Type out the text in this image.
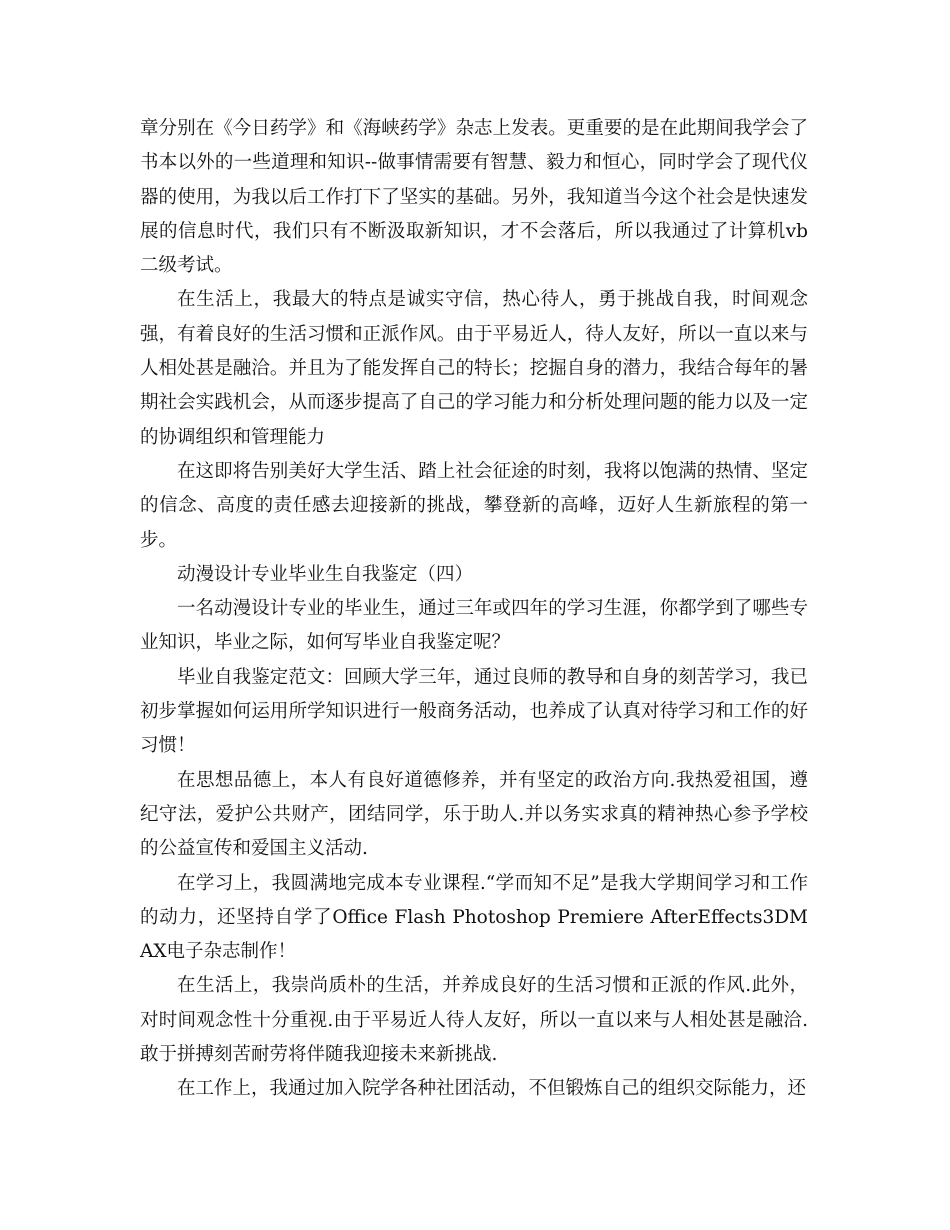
章分别在《今日药学》和《海峡药学》杂志上发表。更重要的是在此期间我学会了书本以外的一些道理和知识--做事情需要有智慧、毅力和恒心，同时学会了现代仪器的使用，为我以后工作打下了坚实的基础。另外，我知道当今这个社会是快速发展的信息时代，我们只有不断汲取新知识，才不会落后，所以我通过了计算机vb二级考试。

在生活上，我最大的特点是诚实守信，热心待人，勇于挑战自我，时间观念强，有着良好的生活习惯和正派作风。由于平易近人，待人友好，所以一直以来与人相处甚是融洽。并且为了能发挥自己的特长；挖掘自身的潜力，我结合每年的暑期社会实践机会，从而逐步提高了自己的学习能力和分析处理问题的能力以及一定的协调组织和管理能力

在这即将告别美好大学生活、踏上社会征途的时刻，我将以饱满的热情、坚定的信念、高度的责任感去迎接新的挑战，攀登新的高峰，迈好人生新旅程的第一步。

动漫设计专业毕业生自我鉴定（四）

一名动漫设计专业的毕业生，通过三年或四年的学习生涯，你都学到了哪些专业知识，毕业之际，如何写毕业自我鉴定呢？

毕业自我鉴定范文：回顾大学三年，通过良师的教导和自身的刻苦学习，我已初步掌握如何运用所学知识进行一般商务活动，也养成了认真对待学习和工作的好习惯！

在思想品德上，本人有良好道德修养，并有坚定的政治方向.我热爱祖国，遵纪守法，爱护公共财产，团结同学，乐于助人.并以务实求真的精神热心参予学校的公益宣传和爱国主义活动.

在学习上，我圆满地完成本专业课程.“学而知不足”是我大学期间学习和工作的动力，还坚持自学了Office Flash Photoshop Premiere AfterEffects3DMAX电子杂志制作！

在生活上，我崇尚质朴的生活，并养成良好的生活习惯和正派的作风.此外，对时间观念性十分重视.由于平易近人待人友好，所以一直以来与人相处甚是融洽.敢于拼搏刻苦耐劳将伴随我迎接未来新挑战.

在工作上，我通过加入院学各种社团活动，不但锻炼自己的组织交际能力，还
